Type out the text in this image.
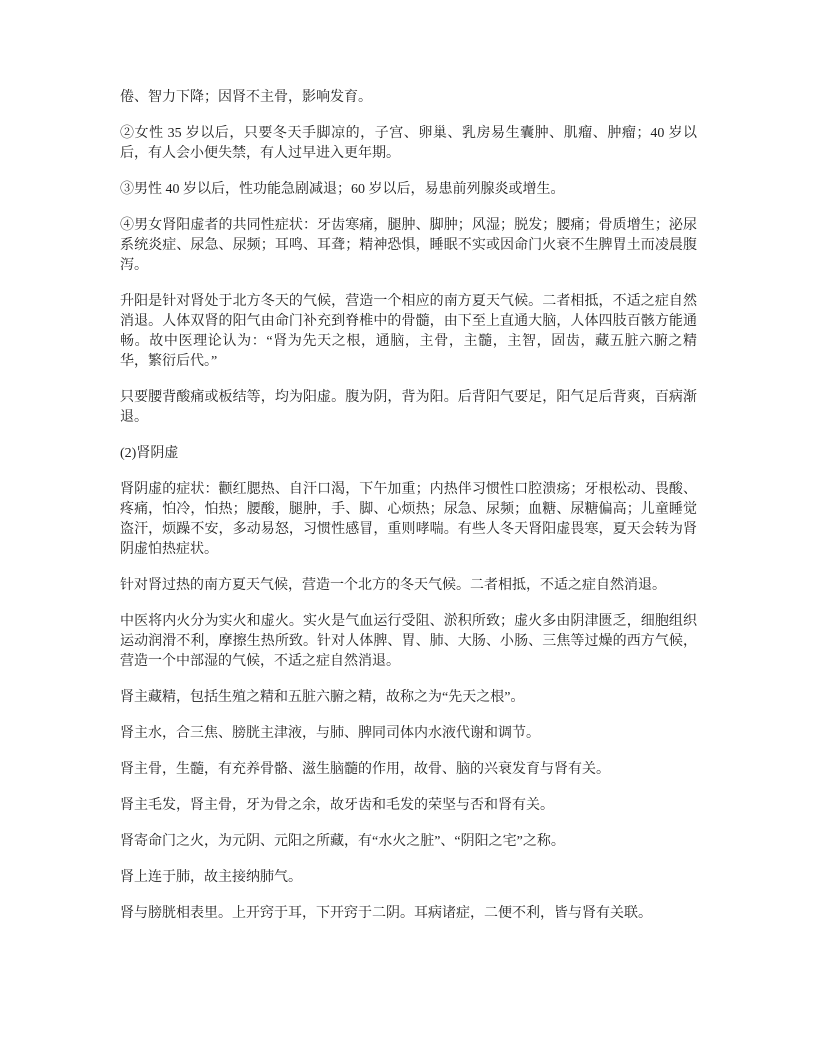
倦、智力下降；因肾不主骨，影响发育。

②女性 35 岁以后，只要冬天手脚凉的，子宫、卵巢、乳房易生囊肿、肌瘤、肿瘤；40 岁以后，有人会小便失禁，有人过早进入更年期。

③男性 40 岁以后，性功能急剧减退；60 岁以后，易患前列腺炎或增生。

④男女肾阳虚者的共同性症状：牙齿寒痛，腿肿、脚肿；风湿；脱发；腰痛；骨质增生；泌尿系统炎症、尿急、尿频；耳鸣、耳聋；精神恐惧，睡眠不实或因命门火衰不生脾胃土而凌晨腹泻。

升阳是针对肾处于北方冬天的气候，营造一个相应的南方夏天气候。二者相抵，不适之症自然消退。人体双肾的阳气由命门补充到脊椎中的骨髓，由下至上直通大脑，人体四肢百骸方能通畅。故中医理论认为：“肾为先天之根，通脑，主骨，主髓，主智，固齿，藏五脏六腑之精华，繁衍后代。”

只要腰背酸痛或板结等，均为阳虚。腹为阴，背为阳。后背阳气要足，阳气足后背爽，百病渐退。

(2)肾阴虚

肾阴虚的症状：颧红腮热、自汗口渴，下午加重；内热伴习惯性口腔溃疡；牙根松动、畏酸、疼痛，怕冷，怕热；腰酸，腿肿，手、脚、心烦热；尿急、尿频；血糖、尿糖偏高；儿童睡觉盗汗，烦躁不安，多动易怒，习惯性感冒，重则哮喘。有些人冬天肾阳虚畏寒，夏天会转为肾阴虚怕热症状。

针对肾过热的南方夏天气候，营造一个北方的冬天气候。二者相抵，不适之症自然消退。

中医将内火分为实火和虚火。实火是气血运行受阻、淤积所致；虚火多由阴津匮乏，细胞组织运动润滑不利，摩擦生热所致。针对人体脾、胃、肺、大肠、小肠、三焦等过燥的西方气候，营造一个中部湿的气候，不适之症自然消退。

肾主藏精，包括生殖之精和五脏六腑之精，故称之为“先天之根”。

肾主水，合三焦、膀胱主津液，与肺、脾同司体内水液代谢和调节。

肾主骨，生髓，有充养骨骼、滋生脑髓的作用，故骨、脑的兴衰发育与肾有关。

肾主毛发，肾主骨，牙为骨之余，故牙齿和毛发的荣坚与否和肾有关。

肾寄命门之火，为元阴、元阳之所藏，有“水火之脏”、“阴阳之宅”之称。

肾上连于肺，故主接纳肺气。

肾与膀胱相表里。上开窍于耳，下开窍于二阴。耳病诸症，二便不利，皆与肾有关联。
